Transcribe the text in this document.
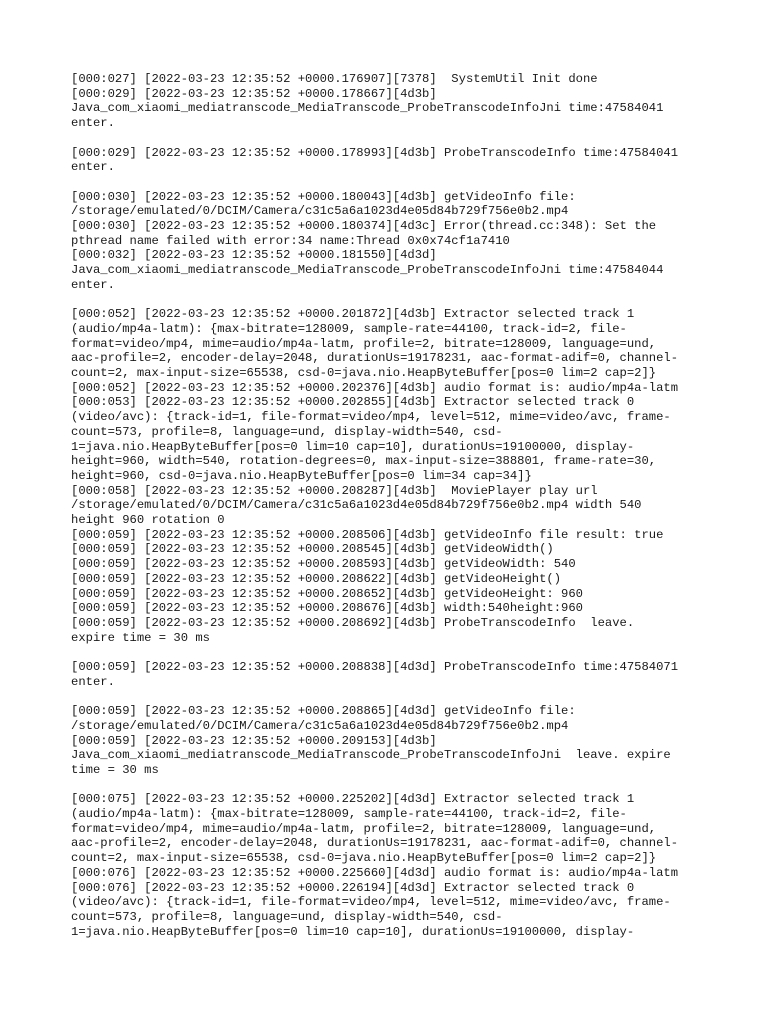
[000:027] [2022-03-23 12:35:52 +0000.176907][7378]  SystemUtil Init done
[000:029] [2022-03-23 12:35:52 +0000.178667][4d3b]
Java_com_xiaomi_mediatranscode_MediaTranscode_ProbeTranscodeInfoJni time:47584041
enter.
[000:029] [2022-03-23 12:35:52 +0000.178993][4d3b] ProbeTranscodeInfo time:47584041
enter.
[000:030] [2022-03-23 12:35:52 +0000.180043][4d3b] getVideoInfo file:
/storage/emulated/0/DCIM/Camera/c31c5a6a1023d4e05d84b729f756e0b2.mp4
[000:030] [2022-03-23 12:35:52 +0000.180374][4d3c] Error(thread.cc:348): Set the
pthread name failed with error:34 name:Thread 0x0x74cf1a7410
[000:032] [2022-03-23 12:35:52 +0000.181550][4d3d]
Java_com_xiaomi_mediatranscode_MediaTranscode_ProbeTranscodeInfoJni time:47584044
enter.
[000:052] [2022-03-23 12:35:52 +0000.201872][4d3b] Extractor selected track 1
(audio/mp4a-latm): {max-bitrate=128009, sample-rate=44100, track-id=2, file-
format=video/mp4, mime=audio/mp4a-latm, profile=2, bitrate=128009, language=und,
aac-profile=2, encoder-delay=2048, durationUs=19178231, aac-format-adif=0, channel-
count=2, max-input-size=65538, csd-0=java.nio.HeapByteBuffer[pos=0 lim=2 cap=2]}
[000:052] [2022-03-23 12:35:52 +0000.202376][4d3b] audio format is: audio/mp4a-latm
[000:053] [2022-03-23 12:35:52 +0000.202855][4d3b] Extractor selected track 0
(video/avc): {track-id=1, file-format=video/mp4, level=512, mime=video/avc, frame-
count=573, profile=8, language=und, display-width=540, csd-
1=java.nio.HeapByteBuffer[pos=0 lim=10 cap=10], durationUs=19100000, display-
height=960, width=540, rotation-degrees=0, max-input-size=388801, frame-rate=30,
height=960, csd-0=java.nio.HeapByteBuffer[pos=0 lim=34 cap=34]}
[000:058] [2022-03-23 12:35:52 +0000.208287][4d3b]  MoviePlayer play url
/storage/emulated/0/DCIM/Camera/c31c5a6a1023d4e05d84b729f756e0b2.mp4 width 540
height 960 rotation 0
[000:059] [2022-03-23 12:35:52 +0000.208506][4d3b] getVideoInfo file result: true
[000:059] [2022-03-23 12:35:52 +0000.208545][4d3b] getVideoWidth()
[000:059] [2022-03-23 12:35:52 +0000.208593][4d3b] getVideoWidth: 540
[000:059] [2022-03-23 12:35:52 +0000.208622][4d3b] getVideoHeight()
[000:059] [2022-03-23 12:35:52 +0000.208652][4d3b] getVideoHeight: 960
[000:059] [2022-03-23 12:35:52 +0000.208676][4d3b] width:540height:960
[000:059] [2022-03-23 12:35:52 +0000.208692][4d3b] ProbeTranscodeInfo  leave.
expire time = 30 ms
[000:059] [2022-03-23 12:35:52 +0000.208838][4d3d] ProbeTranscodeInfo time:47584071
enter.
[000:059] [2022-03-23 12:35:52 +0000.208865][4d3d] getVideoInfo file:
/storage/emulated/0/DCIM/Camera/c31c5a6a1023d4e05d84b729f756e0b2.mp4
[000:059] [2022-03-23 12:35:52 +0000.209153][4d3b]
Java_com_xiaomi_mediatranscode_MediaTranscode_ProbeTranscodeInfoJni  leave. expire
time = 30 ms
[000:075] [2022-03-23 12:35:52 +0000.225202][4d3d] Extractor selected track 1
(audio/mp4a-latm): {max-bitrate=128009, sample-rate=44100, track-id=2, file-
format=video/mp4, mime=audio/mp4a-latm, profile=2, bitrate=128009, language=und,
aac-profile=2, encoder-delay=2048, durationUs=19178231, aac-format-adif=0, channel-
count=2, max-input-size=65538, csd-0=java.nio.HeapByteBuffer[pos=0 lim=2 cap=2]}
[000:076] [2022-03-23 12:35:52 +0000.225660][4d3d] audio format is: audio/mp4a-latm
[000:076] [2022-03-23 12:35:52 +0000.226194][4d3d] Extractor selected track 0
(video/avc): {track-id=1, file-format=video/mp4, level=512, mime=video/avc, frame-
count=573, profile=8, language=und, display-width=540, csd-
1=java.nio.HeapByteBuffer[pos=0 lim=10 cap=10], durationUs=19100000, display-
